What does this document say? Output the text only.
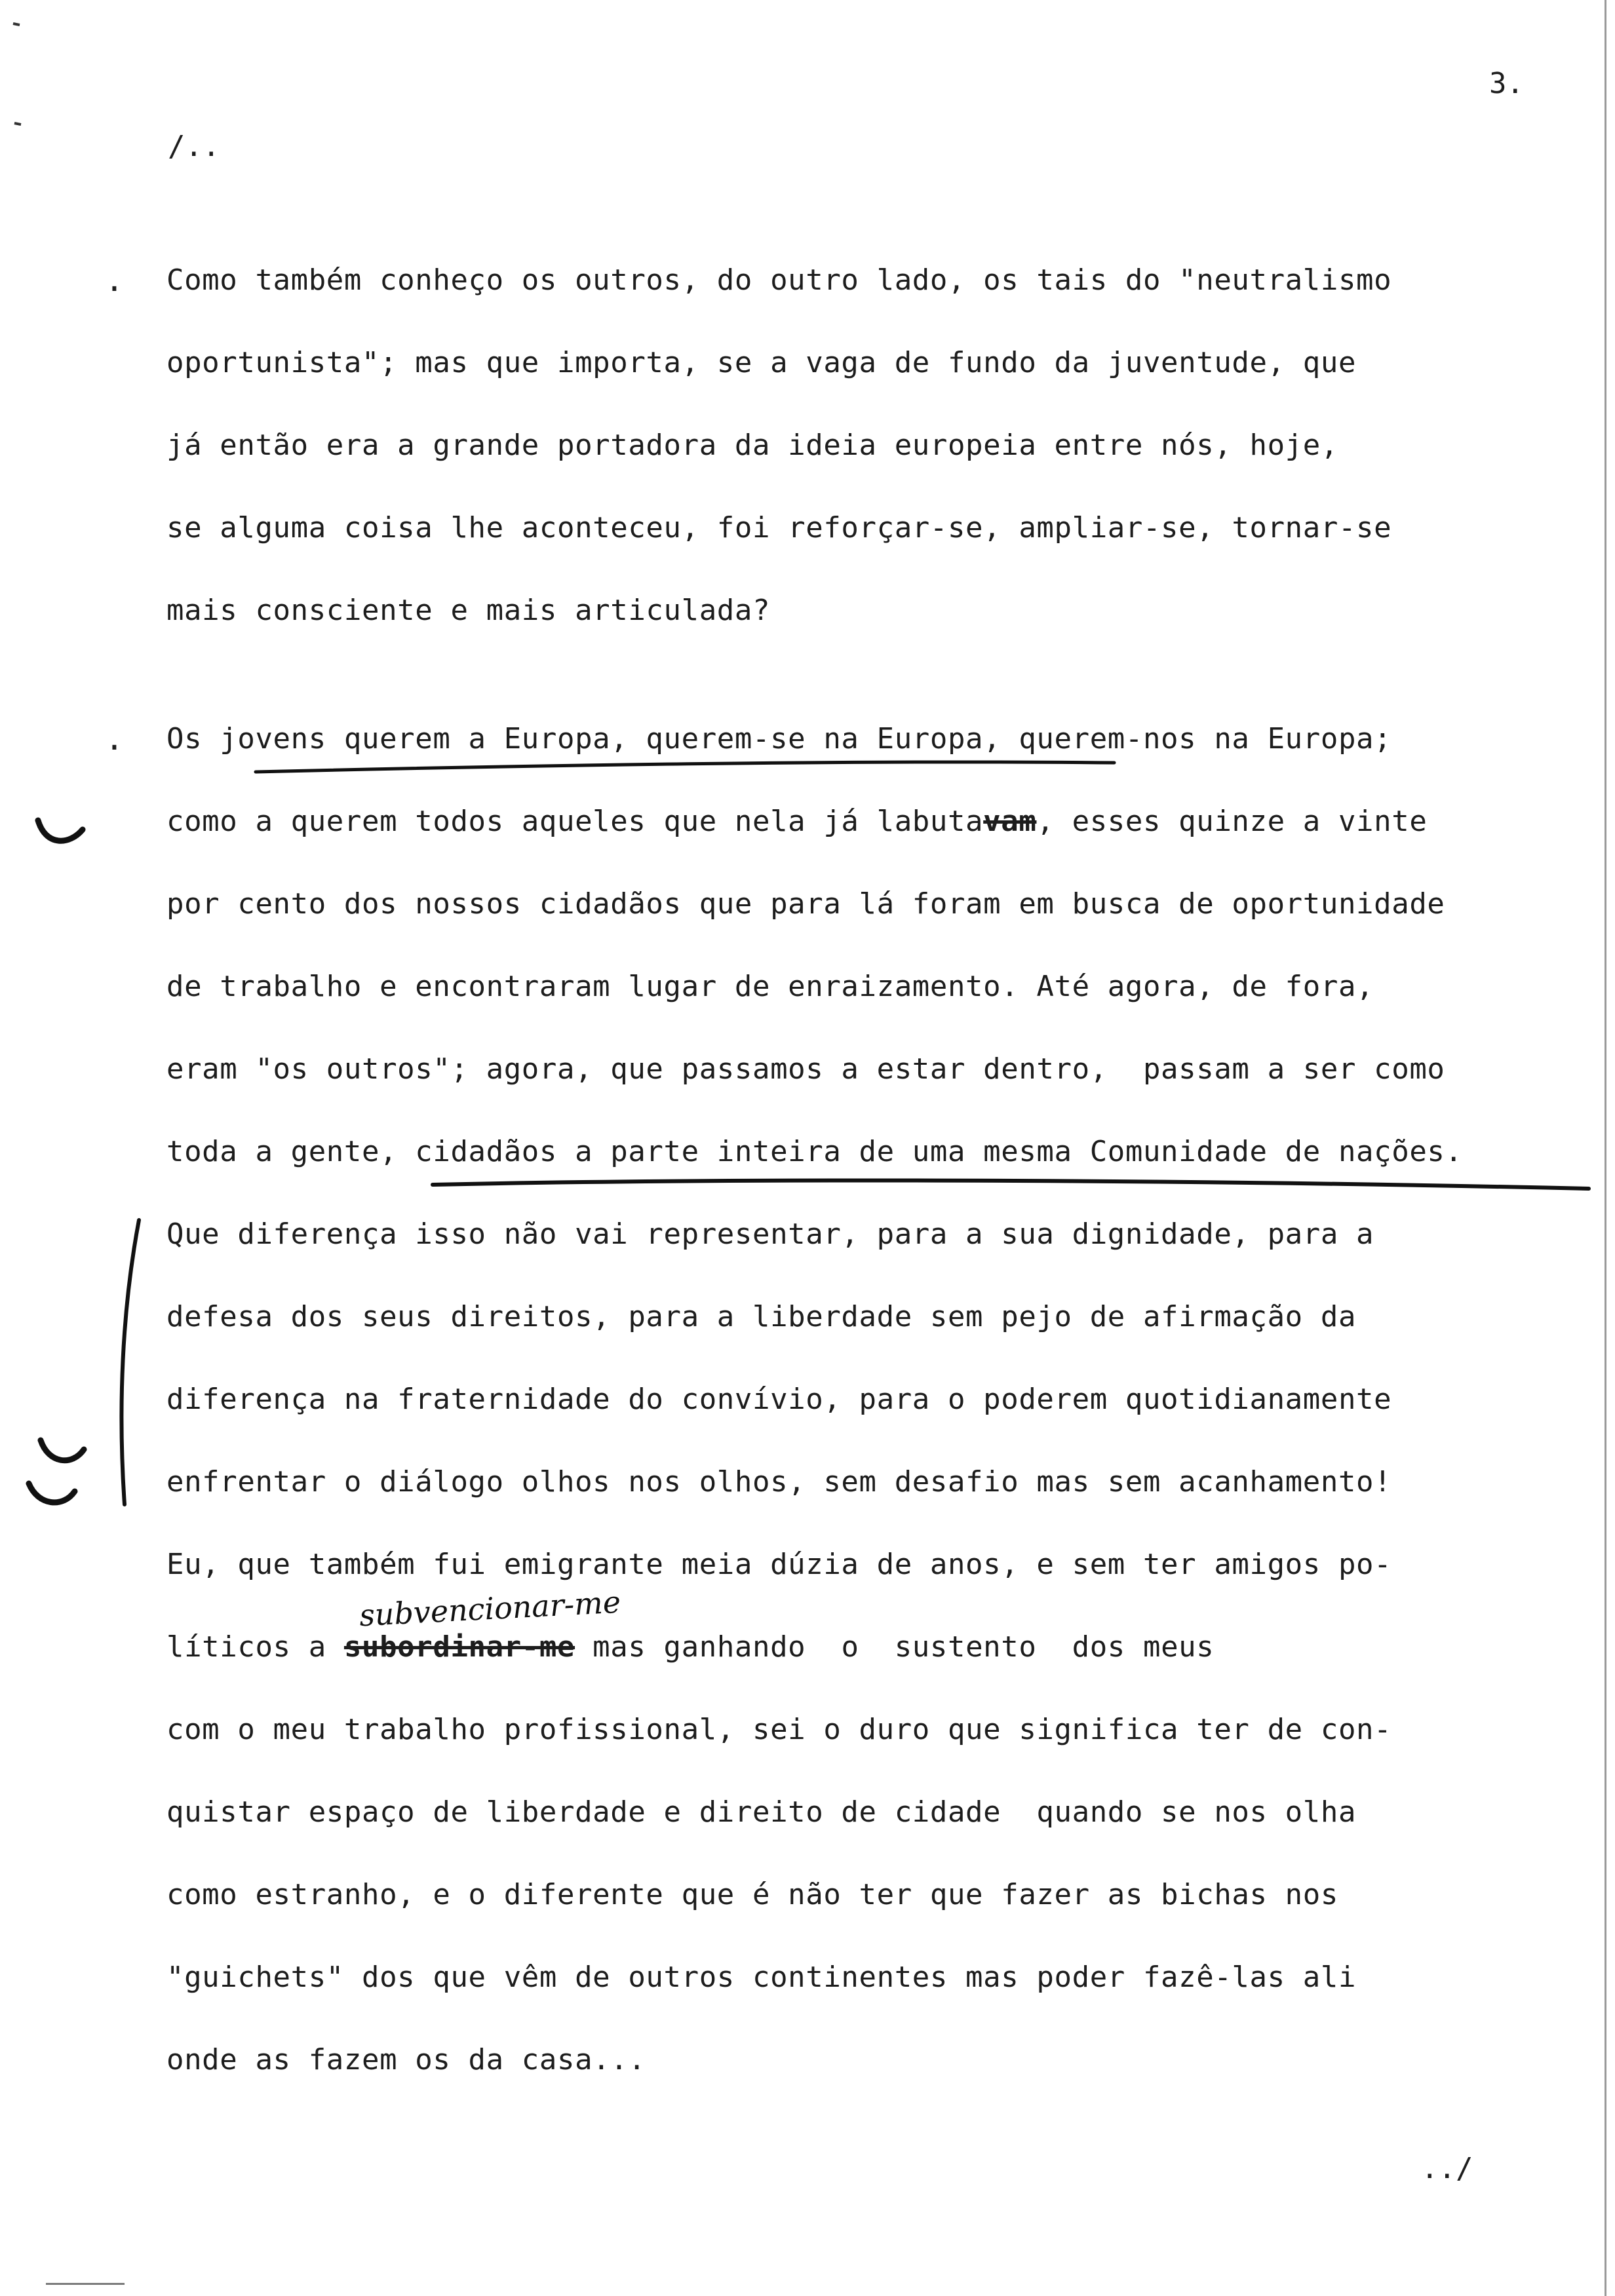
3.
/..
. Como também conheço os outros, do outro lado, os tais do "neutralismo
oportunista"; mas que importa, se a vaga de fundo da juventude, que
já então era a grande portadora da ideia europeia entre nós, hoje,
se alguma coisa lhe aconteceu, foi reforçar-se, ampliar-se, tornar-se
mais consciente e mais articulada?
. Os jovens querem a Europa, querem-se na Europa, querem-nos na Europa;
como a querem todos aqueles que nela já labutavam, esses quinze a vinte
por cento dos nossos cidadãos que para lá foram em busca de oportunidade
de trabalho e encontraram lugar de enraizamento. Até agora, de fora,
eram "os outros"; agora, que passamos a estar dentro,  passam a ser como
toda a gente, cidadãos a parte inteira de uma mesma Comunidade de nações.
Que diferença isso não vai representar, para a sua dignidade, para a
defesa dos seus direitos, para a liberdade sem pejo de afirmação da
diferença na fraternidade do convívio, para o poderem quotidianamente
enfrentar o diálogo olhos nos olhos, sem desafio mas sem acanhamento!
Eu, que também fui emigrante meia dúzia de anos, e sem ter amigos po-
subvencionar-me
líticos a subordinar-me mas ganhando  o  sustento  dos meus
com o meu trabalho profissional, sei o duro que significa ter de con-
quistar espaço de liberdade e direito de cidade  quando se nos olha
como estranho, e o diferente que é não ter que fazer as bichas nos
"guichets" dos que vêm de outros continentes mas poder fazê-las ali
onde as fazem os da casa...
../
